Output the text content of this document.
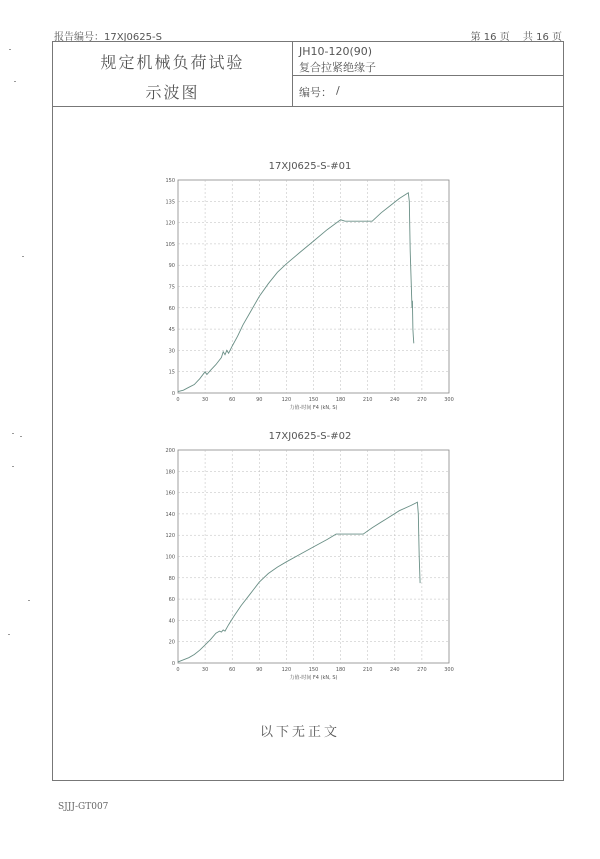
报告编号：17XJ0625-S	第 16 页 共 16 页
规定机械负荷试验
示波图
JH10-120(90)
复合拉紧绝缘子
编号： /
17XJ0625-S-#01
0	30	60	90	120	150	180	210	240	270	300
0
15
30
45
60
75
90
105
120
135
150
力值-时间 F4 (kN, S)
17XJ0625-S-#02
0	30	60	90	120	150	180	210	240	270	300
0
20
40
60
80
100
120
140
160
180
200
力值-时间 F4 (kN, S)
以下无正文
SJJJ-GT007
